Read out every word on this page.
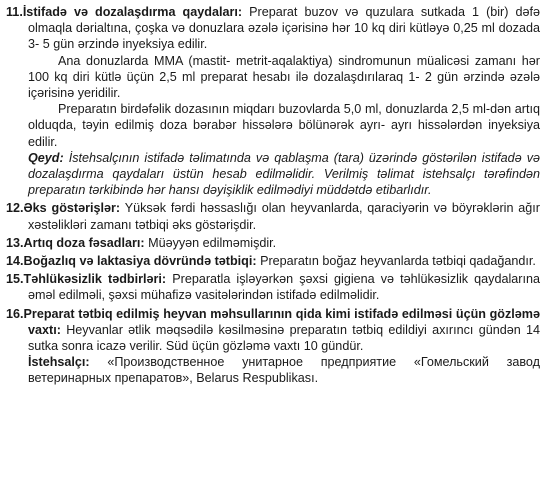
11.İstifadə və dozalaşdırma qaydaları: Preparat buzov və quzulara sutkada 1 (bir) dəfə olmaqla dərialtına, çoşka və donuzlara əzələ içərisinə hər 10 kq diri kütləyə 0,25 ml dozada 3- 5 gün ərzində inyeksiya edilir.

Ana donuzlarda MMA (mastit- metrit-aqalaktiya) sindromunun müalicəsi zamanı hər 100 kq diri kütlə üçün 2,5 ml preparat hesabı ilə dozalaşdırılaraq 1- 2 gün ərzində əzələ içərisinə yeridilir.

Preparatın birdəfəlik dozasının miqdarı buzovlarda 5,0 ml, donuzlarda 2,5 ml-dən artıq olduqda, təyin edilmiş doza bərabər hissələrə bölünərək ayrı- ayrı hissələrdən inyeksiya edilir.

Qeyd: İstehsalçının istifadə təlimatında və qablaşma (tara) üzərində göstərilən istifadə və dozalaşdırma qaydaları üstün hesab edilməlidir. Verilmiş təlimat istehsalçı tərəfindən preparatın tərkibində hər hansı dəyişiklik edilmədiyi müddətdə etibarlıdır.

12.Əks göstərişlər: Yüksək fərdi həssaslığı olan heyvanlarda, qaraciyərin və böyrəklərin ağır xəstəlikləri zamanı tətbiqi əks göstərişdir.

13.Artıq doza fəsadları: Müəyyən edilməmişdir.

14.Boğazlıq və laktasiya dövründə tətbiqi: Preparatın boğaz heyvanlarda tətbiqi qadağandır.

15.Təhlükəsizlik tədbirləri: Preparatla işləyərkən şəxsi gigiena və təhlükəsizlik qaydalarına əməl edilməli, şəxsi mühafizə vasitələrindən istifadə edilməlidir.

16.Preparat tətbiq edilmiş heyvan məhsullarının qida kimi istifadə edilməsi üçün gözləmə vaxtı: Heyvanlar ətlik məqsədilə kəsilməsinə preparatın tətbiq edildiyi axırıncı gündən 14 sutka sonra icazə verilir. Süd üçün gözləmə vaxtı 10 gündür.

İstehsalçı: «Производственное унитарное предприятие «Гомельский завод ветеринарных препаратов», Belarus Respublikası.
